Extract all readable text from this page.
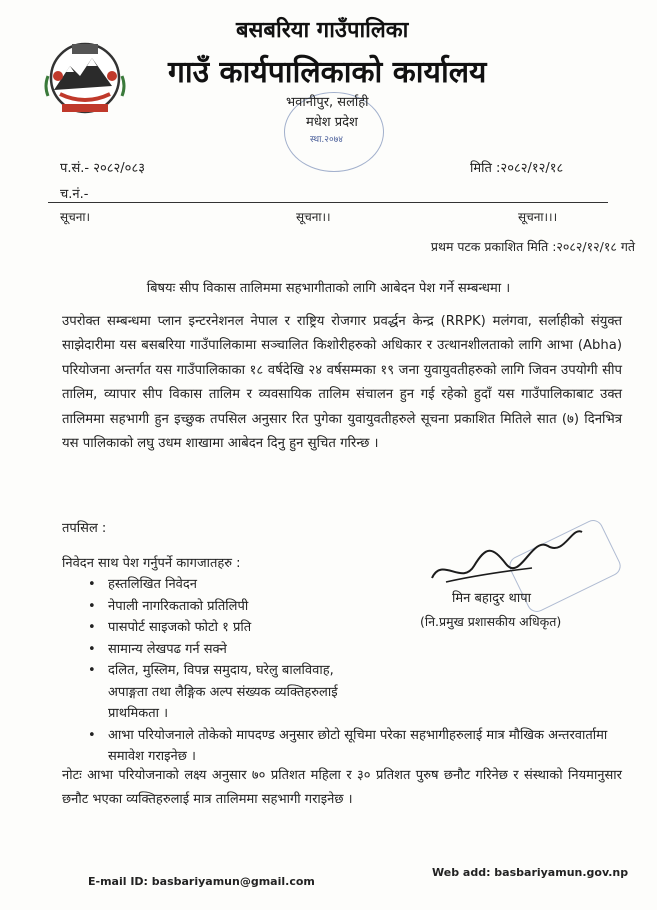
बसबरिया गाउँपालिका
गाउँ कार्यपालिकाको कार्यालय
भवानीपुर, सर्लाही
मधेश प्रदेश
स्था.२०७४
प.सं.- २०८२/०८३	मिति :२०८२/१२/१८
च.नं.-
सूचना।	सूचना।।	सूचना।।।
प्रथम पटक प्रकाशित मिति :२०८२/१२/१८ गते
बिषयः सीप विकास तालिममा सहभागीताको लागि आबेदन पेश गर्ने सम्बन्धमा ।
उपरोक्त सम्बन्धमा प्लान इन्टरनेशनल नेपाल र राष्ट्रिय रोजगार प्रवर्द्धन केन्द्र (RRPK) मलंगवा, सर्लाहीको संयुक्त साझेदारीमा यस बसबरिया गाउँपालिकामा सञ्चालित किशोरीहरुको अधिकार र उत्थानशीलताको लागि आभा (Abha) परियोजना अन्तर्गत यस गाउँपालिकाका १८ वर्षदेखि २४ वर्षसम्मका १९ जना युवायुवतीहरुको लागि जिवन उपयोगी सीप तालिम, व्यापार सीप विकास तालिम र व्यवसायिक तालिम संचालन हुन गई रहेको हुदाँ यस गाउँपालिकाबाट उक्त तालिममा सहभागी हुन इच्छुक तपसिल अनुसार रित पुगेका युवायुवतीहरुले सूचना प्रकाशित मितिले सात (७) दिनभित्र यस पालिकाको लघु उधम शाखामा आबेदन दिनु हुन सुचित गरिन्छ ।
तपसिल :
निवेदन साथ पेश गर्नुपर्ने कागजातहरु :
• हस्तलिखित निवेदन
• नेपाली नागरिकताको प्रतिलिपी
• पासपोर्ट साइजको फोटो १ प्रति
• सामान्य लेखपढ गर्न सक्ने
• दलित, मुस्लिम, विपन्न समुदाय, घरेलु बालविवाह, अपाङ्गता तथा लैङ्गिक अल्प संख्यक व्यक्तिहरुलाई प्राथमिकता ।
• आभा परियोजनाले तोकेको मापदण्ड अनुसार छोटो सूचिमा परेका सहभागीहरुलाई मात्र मौखिक अन्तरवार्तामा समावेश गराइनेछ ।
मिन बहादुर थापा
(नि.प्रमुख प्रशासकीय अधिकृत)
नोटः आभा परियोजनाको लक्ष्य अनुसार ७० प्रतिशत महिला र ३० प्रतिशत पुरुष छनौट गरिनेछ र संस्थाको नियमानुसार छनौट भएका व्यक्तिहरुलाई मात्र तालिममा सहभागी गराइनेछ ।
E-mail ID: basbariyamun@gmail.com
Web add: basbariyamun.gov.np
